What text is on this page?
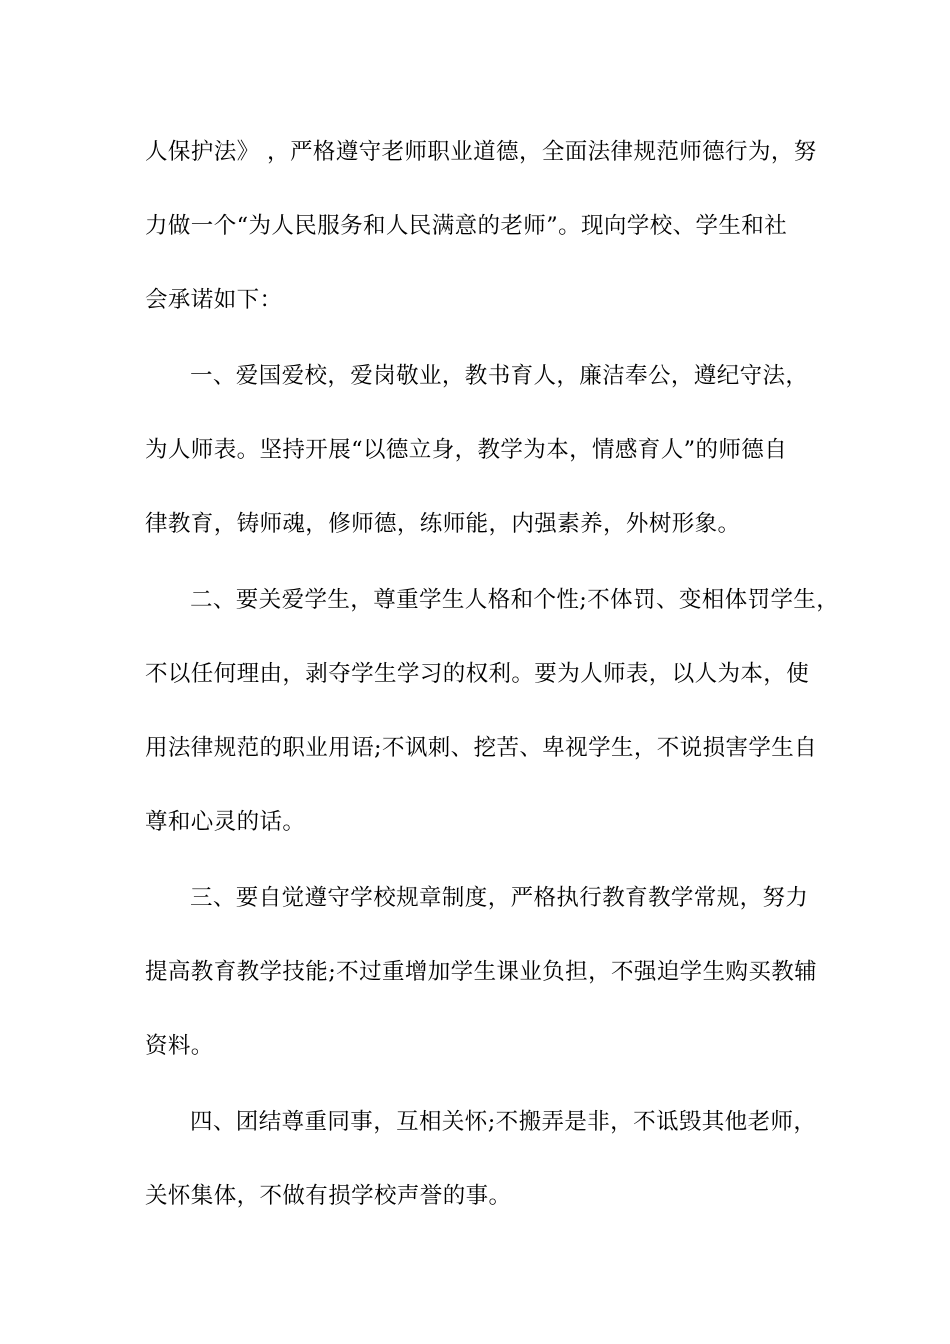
人保护法》 ，严格遵守老师职业道德，全面法律规范师德行为，努
力做一个“为人民服务和人民满意的老师”。现向学校、学生和社
会承诺如下：
一、爱国爱校，爱岗敬业，教书育人，廉洁奉公，遵纪守法，
为人师表。坚持开展“以德立身，教学为本，情感育人”的师德自
律教育，铸师魂，修师德，练师能，内强素养，外树形象。
二、要关爱学生，尊重学生人格和个性;不体罚、变相体罚学生，
不以任何理由，剥夺学生学习的权利。要为人师表，以人为本，使
用法律规范的职业用语;不讽刺、挖苦、卑视学生，不说损害学生自
尊和心灵的话。
三、要自觉遵守学校规章制度，严格执行教育教学常规，努力
提高教育教学技能;不过重增加学生课业负担，不强迫学生购买教辅
资料。
四、团结尊重同事，互相关怀;不搬弄是非，不诋毁其他老师，
关怀集体，不做有损学校声誉的事。
